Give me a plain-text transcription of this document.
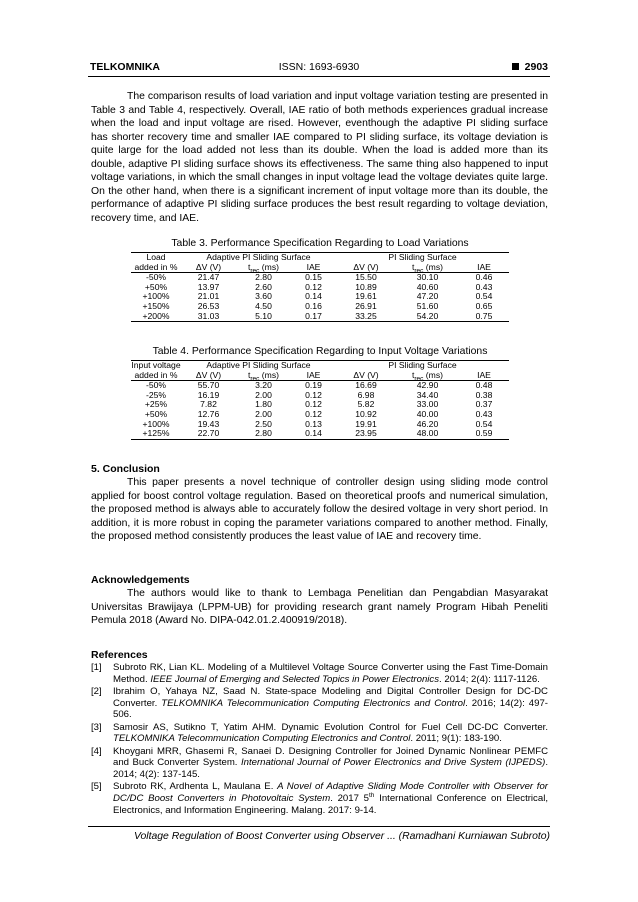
TELKOMNIKA	ISSN: 1693-6930	2903

The comparison results of load variation and input voltage variation testing are presented in Table 3 and Table 4, respectively. Overall, IAE ratio of both methods experiences gradual increase when the load and input voltage are rised. However, eventhough the adaptive PI sliding surface has shorter recovery time and smaller IAE compared to PI sliding surface, its voltage deviation is quite large for the load added not less than its double. When the load is added more than its double, adaptive PI sliding surface shows its effectiveness. The same thing also happened to input voltage variations, in which the small changes in input voltage lead the voltage deviates quite large. On the other hand, when there is a significant increment of input voltage more than its double, the performance of adaptive PI sliding surface produces the best result regarding to voltage deviation, recovery time, and IAE.

Table 3. Performance Specification Regarding to Load Variations
Load	Adaptive PI Sliding Surface			PI Sliding Surface		
added in %	ΔV (V)	$t_{rec}$ (ms)	IAE	ΔV (V)	$t_{rec}$ (ms)	IAE
-50%	21.47	2.80	0.15	15.50	30.10	0.46
+50%	13.97	2.60	0.12	10.89	40.60	0.43
+100%	21.01	3.60	0.14	19.61	47.20	0.54
+150%	26.53	4.50	0.16	26.91	51.60	0.65
+200%	31.03	5.10	0.17	33.25	54.20	0.75
Table 4. Performance Specification Regarding to Input Voltage Variations
Input voltage	Adaptive PI Sliding Surface			PI Sliding Surface		
added in %	ΔV (V)	$t_{rec}$ (ms)	IAE	ΔV (V)	$t_{rec}$ (ms)	IAE
-50%	55.70	3.20	0.19	16.69	42.90	0.48
-25%	16.19	2.00	0.12	6.98	34.40	0.38
+25%	7.82	1.80	0.12	5.82	33.00	0.37
+50%	12.76	2.00	0.12	10.92	40.00	0.43
+100%	19.43	2.50	0.13	19.91	46.20	0.54
+125%	22.70	2.80	0.14	23.95	48.00	0.59
5. Conclusion

This paper presents a novel technique of controller design using sliding mode control applied for boost control voltage regulation. Based on theoretical proofs and numerical simulation, the proposed method is always able to accurately follow the desired voltage in very short period. In addition, it is more robust in coping the parameter variations compared to another method. Finally, the proposed method consistently produces the least value of IAE and recovery time.

Acknowledgements

The authors would like to thank to Lembaga Penelitian dan Pengabdian Masyarakat Universitas Brawijaya (LPPM-UB) for providing research grant namely Program Hibah Peneliti Pemula 2018 (Award No. DIPA-042.01.2.400919/2018).

References
[1] Subroto RK, Lian KL. Modeling of a Multilevel Voltage Source Converter using the Fast Time-Domain Method. IEEE Journal of Emerging and Selected Topics in Power Electronics. 2014; 2(4): 1117-1126.
[2] Ibrahim O, Yahaya NZ, Saad N. State-space Modeling and Digital Controller Design for DC-DC Converter. TELKOMNIKA Telecommunication Computing Electronics and Control. 2016; 14(2): 497-506.
[3] Samosir AS, Sutikno T, Yatim AHM. Dynamic Evolution Control for Fuel Cell DC-DC Converter. TELKOMNIKA Telecommunication Computing Electronics and Control. 2011; 9(1): 183-190.
[4] Khoygani MRR, Ghasemi R, Sanaei D. Designing Controller for Joined Dynamic Nonlinear PEMFC and Buck Converter System. International Journal of Power Electronics and Drive System (IJPEDS). 2014; 4(2): 137-145.
[5] Subroto RK, Ardhenta L, Maulana E. A Novel of Adaptive Sliding Mode Controller with Observer for DC/DC Boost Converters in Photovoltaic System. 2017 5th International Conference on Electrical, Electronics, and Information Engineering. Malang. 2017: 9-14.
Voltage Regulation of Boost Converter using Observer ... (Ramadhani Kurniawan Subroto)
